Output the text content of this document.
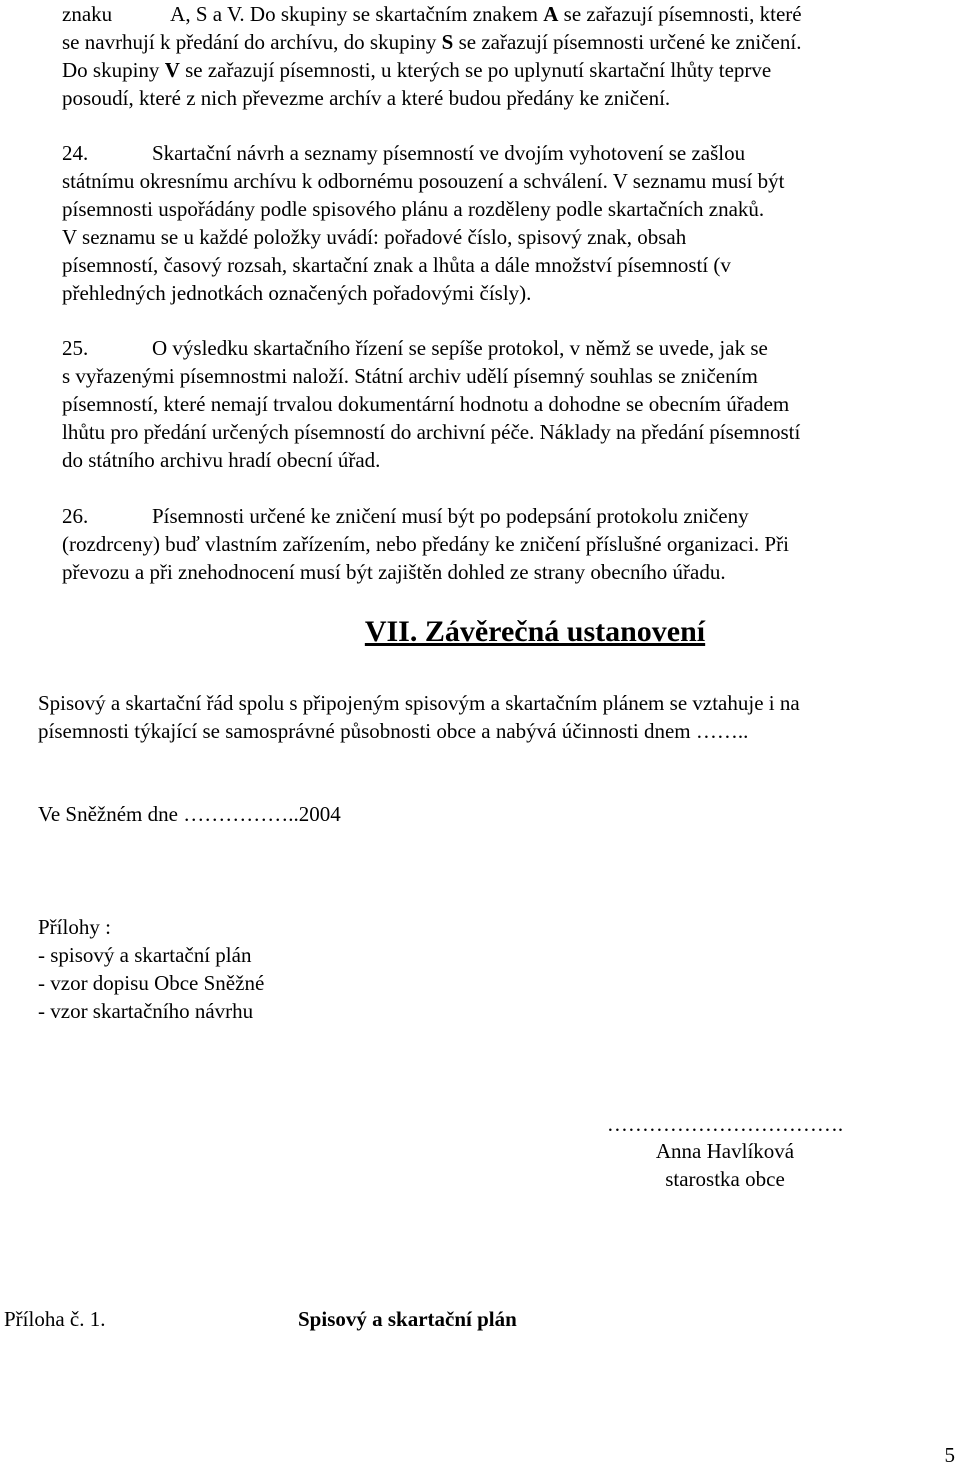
znaku	A, S a V. Do skupiny se skartačním znakem A se zařazují písemnosti, které
se navrhují k předání do archívu, do skupiny S se zařazují písemnosti určené ke zničení.
Do skupiny V se zařazují písemnosti, u kterých se po uplynutí skartační lhůty teprve
posoudí, které z nich převezme archív a které budou předány ke zničení.
24.	Skartační návrh a seznamy písemností ve dvojím vyhotovení se zašlou
státnímu okresnímu archívu k odbornému posouzení a schválení. V seznamu musí být
písemnosti uspořádány podle spisového plánu a rozděleny podle skartačních znaků.
V seznamu se u každé položky uvádí: pořadové číslo, spisový znak, obsah
písemností, časový rozsah, skartační znak a lhůta a dále množství písemností (v
přehledných jednotkách označených pořadovými čísly).
25.	O výsledku skartačního řízení se sepíše protokol, v němž se uvede, jak se
s vyřazenými písemnostmi naloží. Státní archiv udělí písemný souhlas se zničením
písemností, které nemají trvalou dokumentární hodnotu a dohodne se obecním úřadem
lhůtu pro předání určených písemností do archivní péče. Náklady na předání písemností
do státního archivu hradí obecní úřad.
26.	Písemnosti určené ke zničení musí být po podepsání protokolu zničeny
(rozdrceny) buď vlastním zařízením, nebo předány ke zničení příslušné organizaci. Při
převozu a při znehodnocení musí být zajištěn dohled ze strany obecního úřadu.
VII. Závěrečná ustanovení
Spisový a skartační řád spolu s připojeným spisovým a skartačním plánem se vztahuje i na
písemnosti týkající se samosprávné působnosti obce a nabývá účinnosti dnem ……..
Ve Sněžném dne ……………..2004
Přílohy :
- spisový a skartační plán
- vzor dopisu Obce Sněžné
- vzor skartačního návrhu
…………………………….
Anna Havlíková
starostka obce
Příloha č. 1.	Spisový a skartační plán
5
